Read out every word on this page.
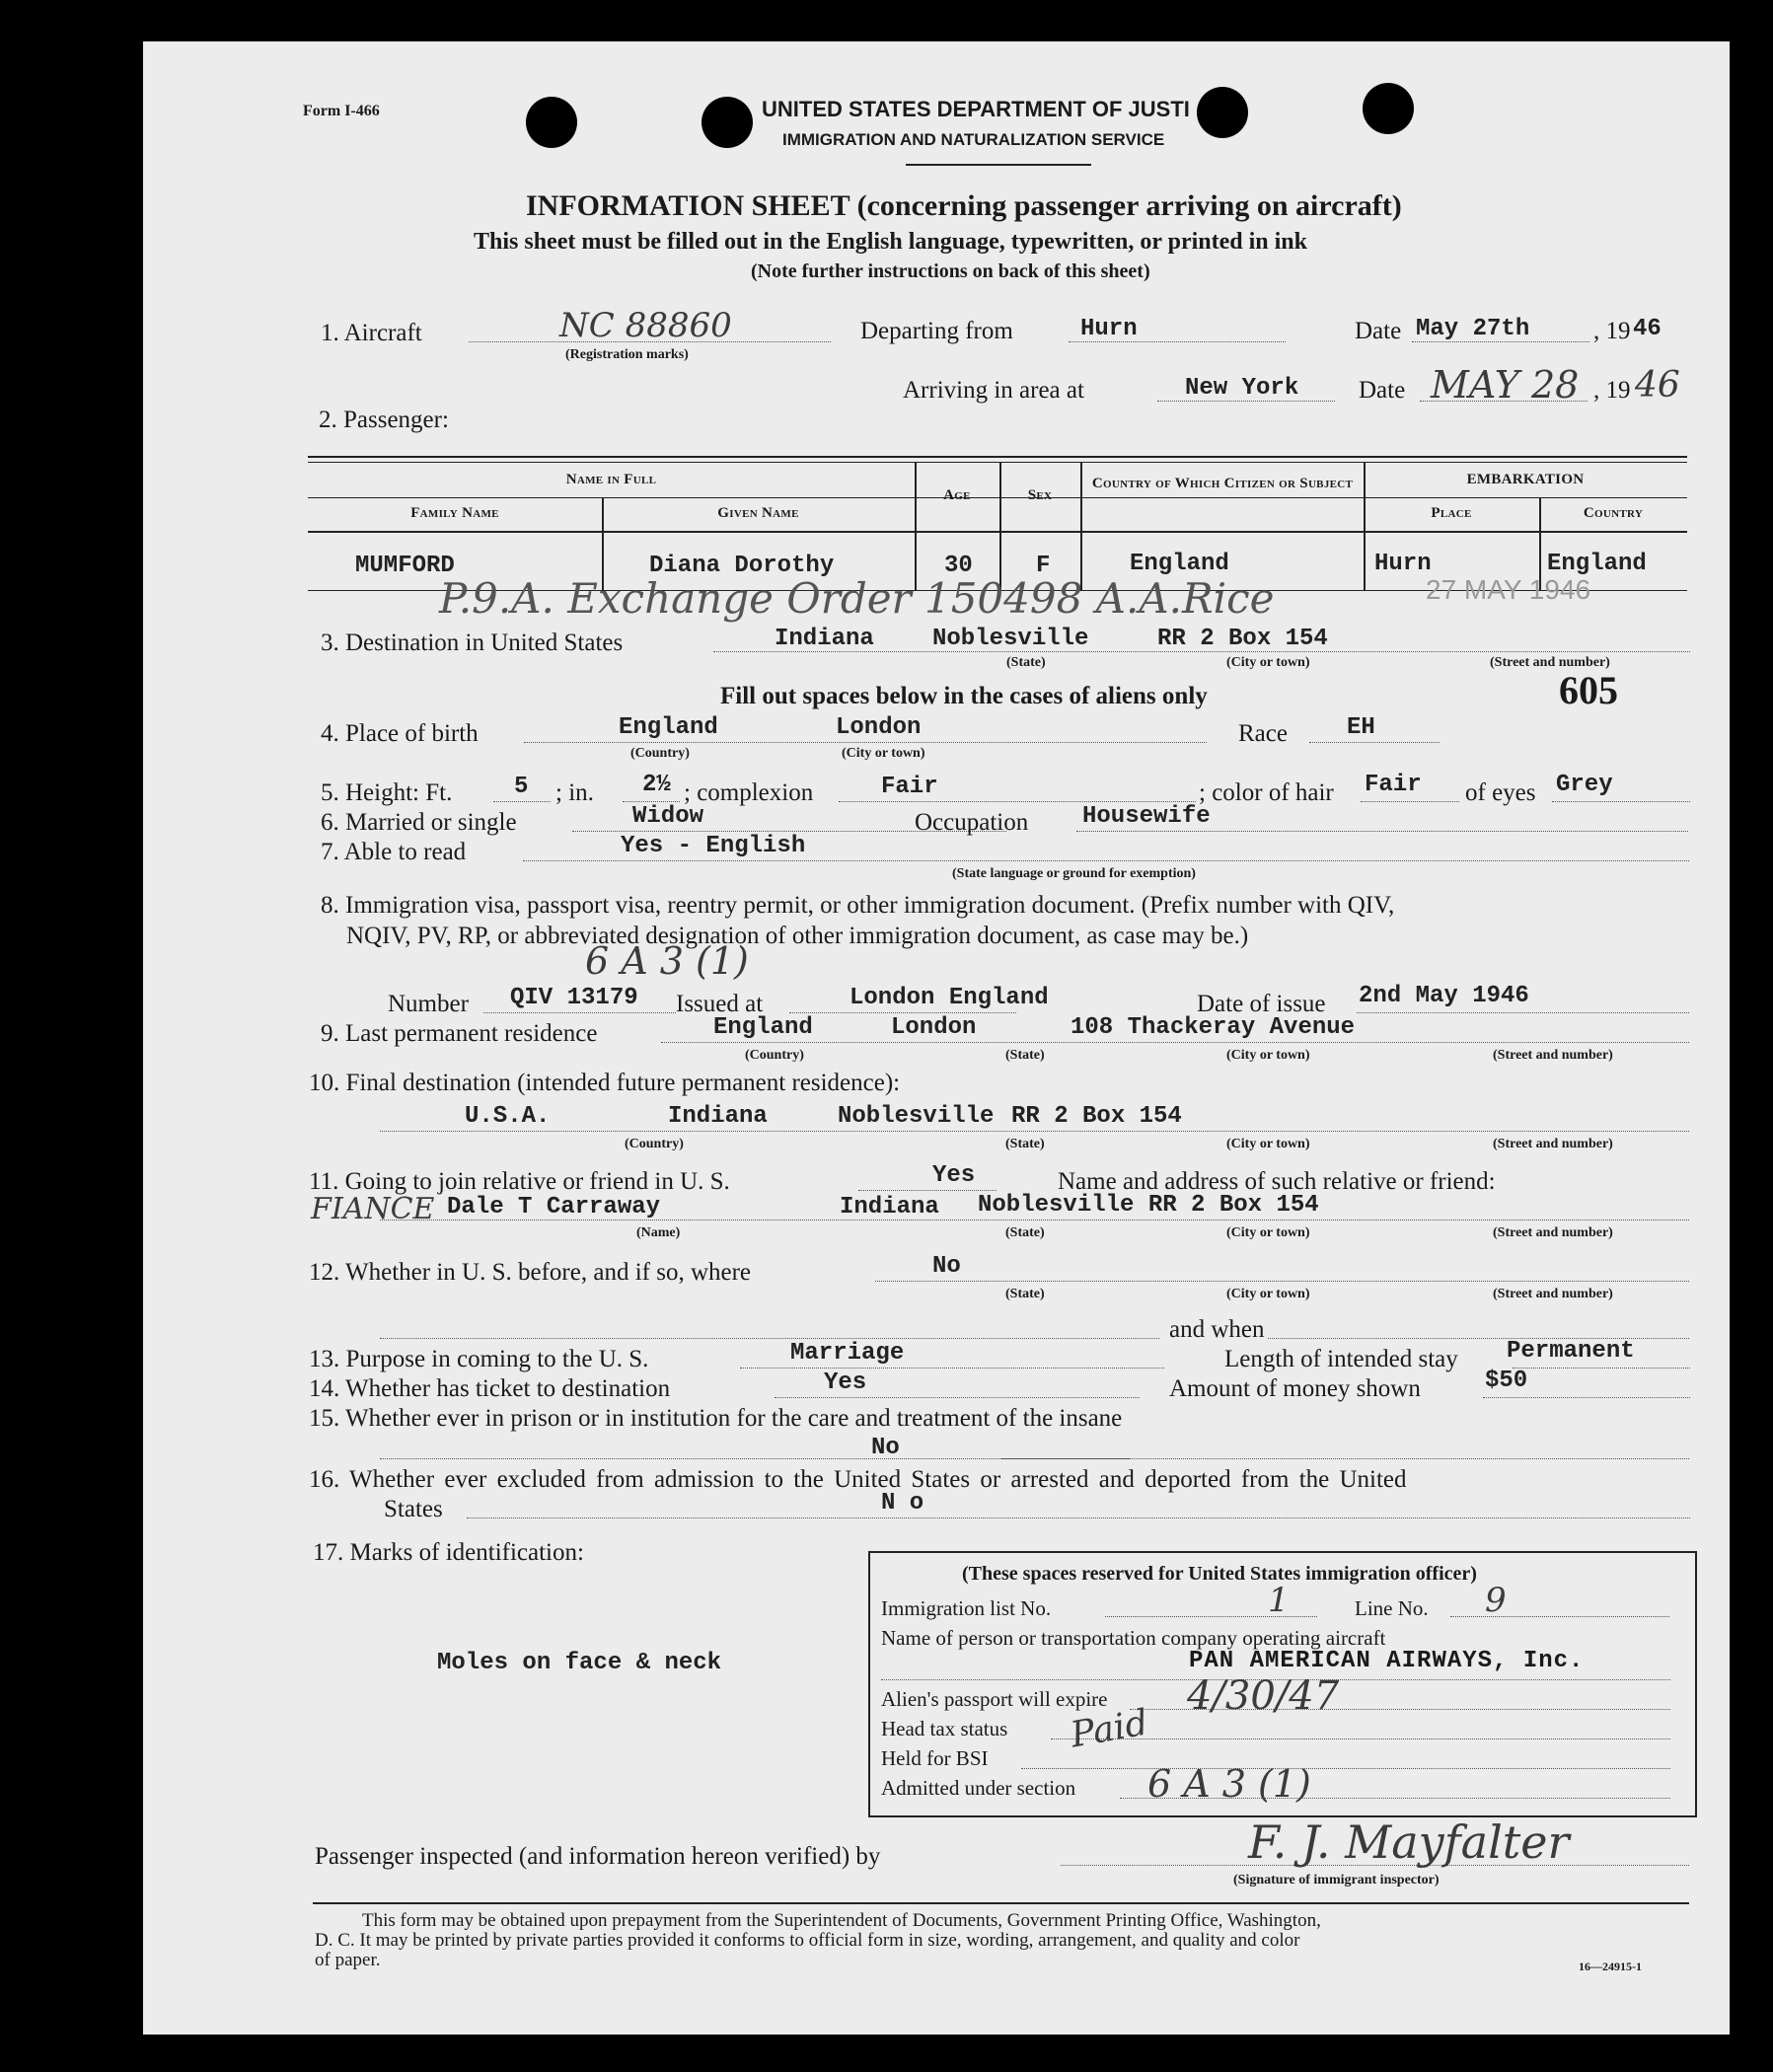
Form I-466	UNITED STATES DEPARTMENT OF JUSTI
IMMIGRATION AND NATURALIZATION SERVICE
INFORMATION SHEET (concerning passenger arriving on aircraft)
This sheet must be filled out in the English language, typewritten, or printed in ink
(Note further instructions on back of this sheet)
1. Aircraft	NC 88860
(Registration marks)
Departing from	Hurn	Date May 27th	, 19 46
Arriving in area at	New York Date MAY 28 , 19 46
2. Passenger:
Name in Full
Family Name	Given Name
Age	Sex
Country of Which Citizen or Subject	EMBARKATION
Place	Country
MUMFORD	Diana Dorothy	30	F	England	Hurn	England
P.9.A. Exchange Order 150498 A.A.Rice	27 MAY 1946
3. Destination in United States	Indiana Noblesville	RR 2 Box 154
(State)	(City or town)	(Street and number)
605
Fill out spaces below in the cases of aliens only
4. Place of birth	England	London
(Country)	(City or town)
Race	EH
5. Height: Ft.	5 ; in. 2½ ; complexion	Fair	; color of hair Fair of eyes Grey
6. Married or single	Widow	Occupation Housewife
7. Able to read	Yes - English
(State language or ground for exemption)
8. Immigration visa, passport visa, reentry permit, or other immigration document. (Prefix number with QIV,
NQIV, PV, RP, or abbreviated designation of other immigration document, as case may be.)
6 A 3 (1)
Number QIV 13179 Issued at	London England	Date of issue 2nd May 1946
9. Last permanent residence	England	London	108 Thackeray Avenue
(Country)	(State)	(City or town)	(Street and number)
10. Final destination (intended future permanent residence):
U.S.A.	Indiana	Noblesville RR 2 Box 154
(Country)	(State)	(City or town)	(Street and number)
11. Going to join relative or friend in U. S.	Yes	Name and address of such relative or friend:
FIANCE Dale T Carraway	Indiana Noblesville RR 2 Box 154
(Name)	(State)	(City or town)	(Street and number)
12. Whether in U. S. before, and if so, where	No
(State)	(City or town)	(Street and number)
and when
13. Purpose in coming to the U. S.	Marriage	Length of intended stay Permanent
14. Whether has ticket to destination	Yes	Amount of money shown	$50
15. Whether ever in prison or in institution for the care and treatment of the insane
No
16. Whether ever excluded from admission to the United States or arrested and deported from the United
States	N o
17. Marks of identification:
Moles on face & neck
(These spaces reserved for United States immigration officer)
Immigration list No.	1	Line No. 9
Name of person or transportation company operating aircraft
PAN AMERICAN AIRWAYS, Inc.
Alien's passport will expire 4/30/47
Head tax status Paid
Held for BSI
Admitted under section 6 A 3 (1)
Passenger inspected (and information hereon verified) by	F. J. Mayfalter
(Signature of immigrant inspector)
This form may be obtained upon prepayment from the Superintendent of Documents, Government Printing Office, Washington,
D. C. It may be printed by private parties provided it conforms to official form in size, wording, arrangement, and quality and color
of paper.	16—24915-1
